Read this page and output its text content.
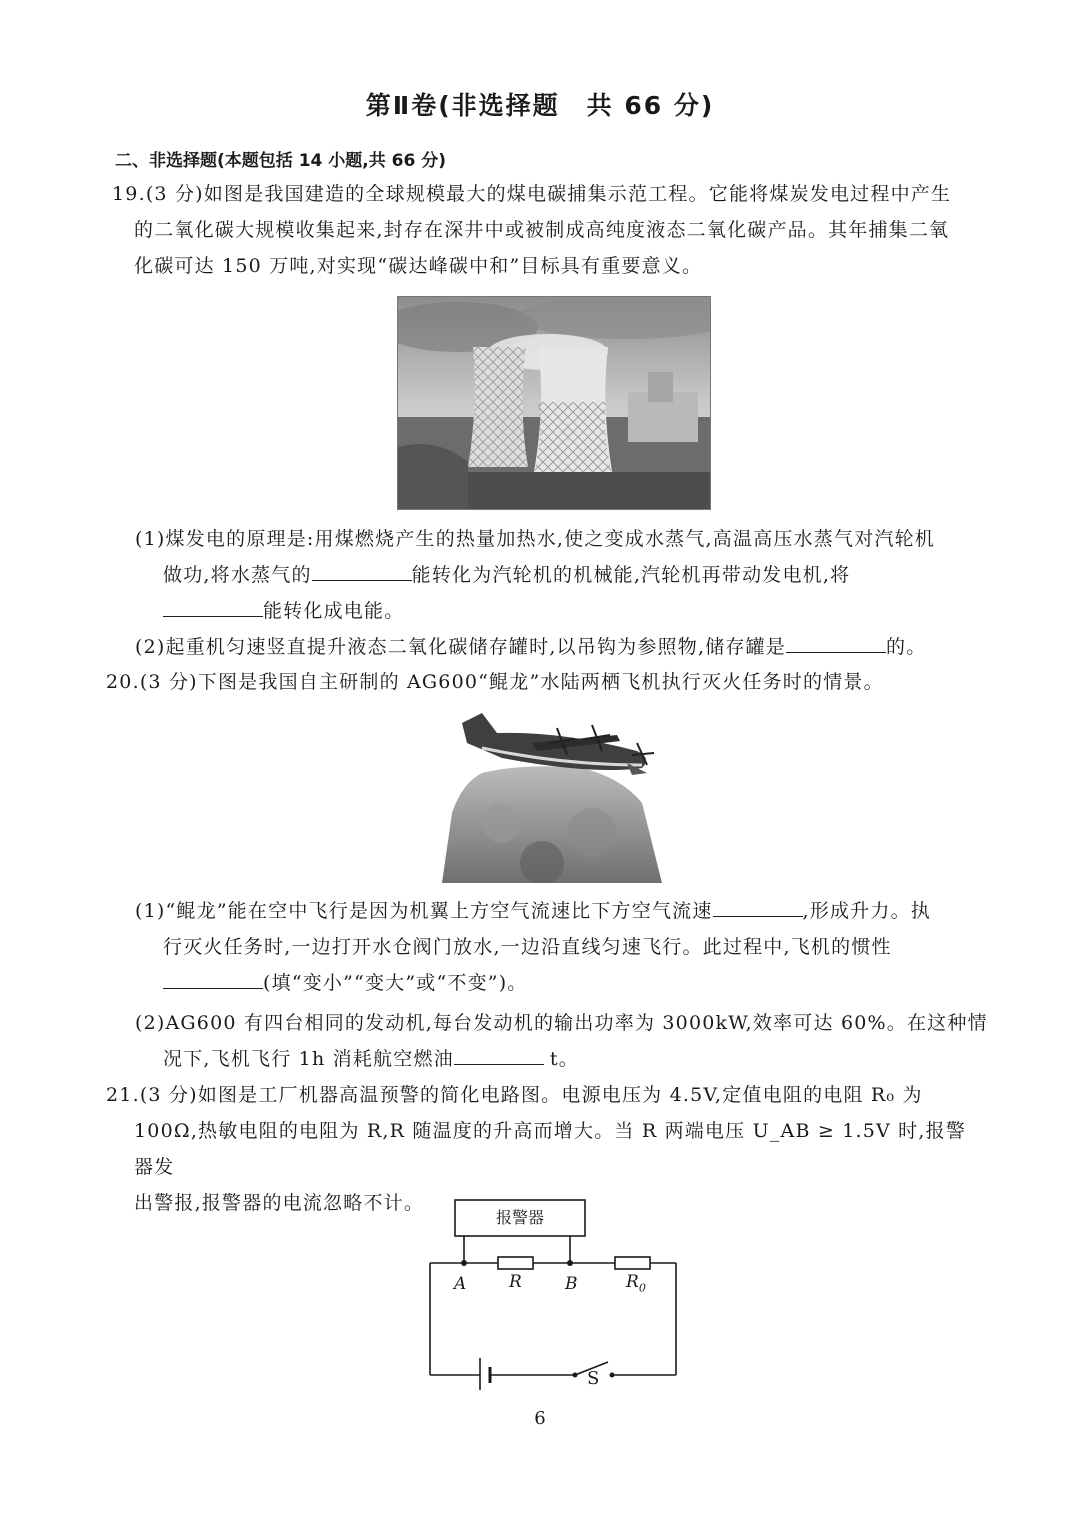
第Ⅱ卷(非选择题　共 66 分)
二、非选择题(本题包括 14 小题,共 66 分)
19.(3 分)如图是我国建造的全球规模最大的煤电碳捕集示范工程。它能将煤炭发电过程中产生
的二氧化碳大规模收集起来,封存在深井中或被制成高纯度液态二氧化碳产品。其年捕集二氧
化碳可达 150 万吨,对实现“碳达峰碳中和”目标具有重要意义。
(1)煤发电的原理是:用煤燃烧产生的热量加热水,使之变成水蒸气,高温高压水蒸气对汽轮机
做功,将水蒸气的	能转化为汽轮机的机械能,汽轮机再带动发电机,将
能转化成电能。
(2)起重机匀速竖直提升液态二氧化碳储存罐时,以吊钩为参照物,储存罐是	的。
20.(3 分)下图是我国自主研制的 AG600“鲲龙”水陆两栖飞机执行灭火任务时的情景。
(1)“鲲龙”能在空中飞行是因为机翼上方空气流速比下方空气流速	,形成升力。执
行灭火任务时,一边打开水仓阀门放水,一边沿直线匀速飞行。此过程中,飞机的惯性
(填“变小”“变大”或“不变”)。
(2)AG600 有四台相同的发动机,每台发动机的输出功率为 3000kW,效率可达 60%。在这种情
况下,飞机飞行 1h 消耗航空燃油	t。
21.(3 分)如图是工厂机器高温预警的简化电路图。电源电压为 4.5V,定值电阻的电阻 R₀ 为
100Ω,热敏电阻的电阻为 R,R 随温度的升高而增大。当 R 两端电压 U_AB ≥ 1.5V 时,报警器发
出警报,报警器的电流忽略不计。
报警器
A	R	B	$R_0$
S
6
